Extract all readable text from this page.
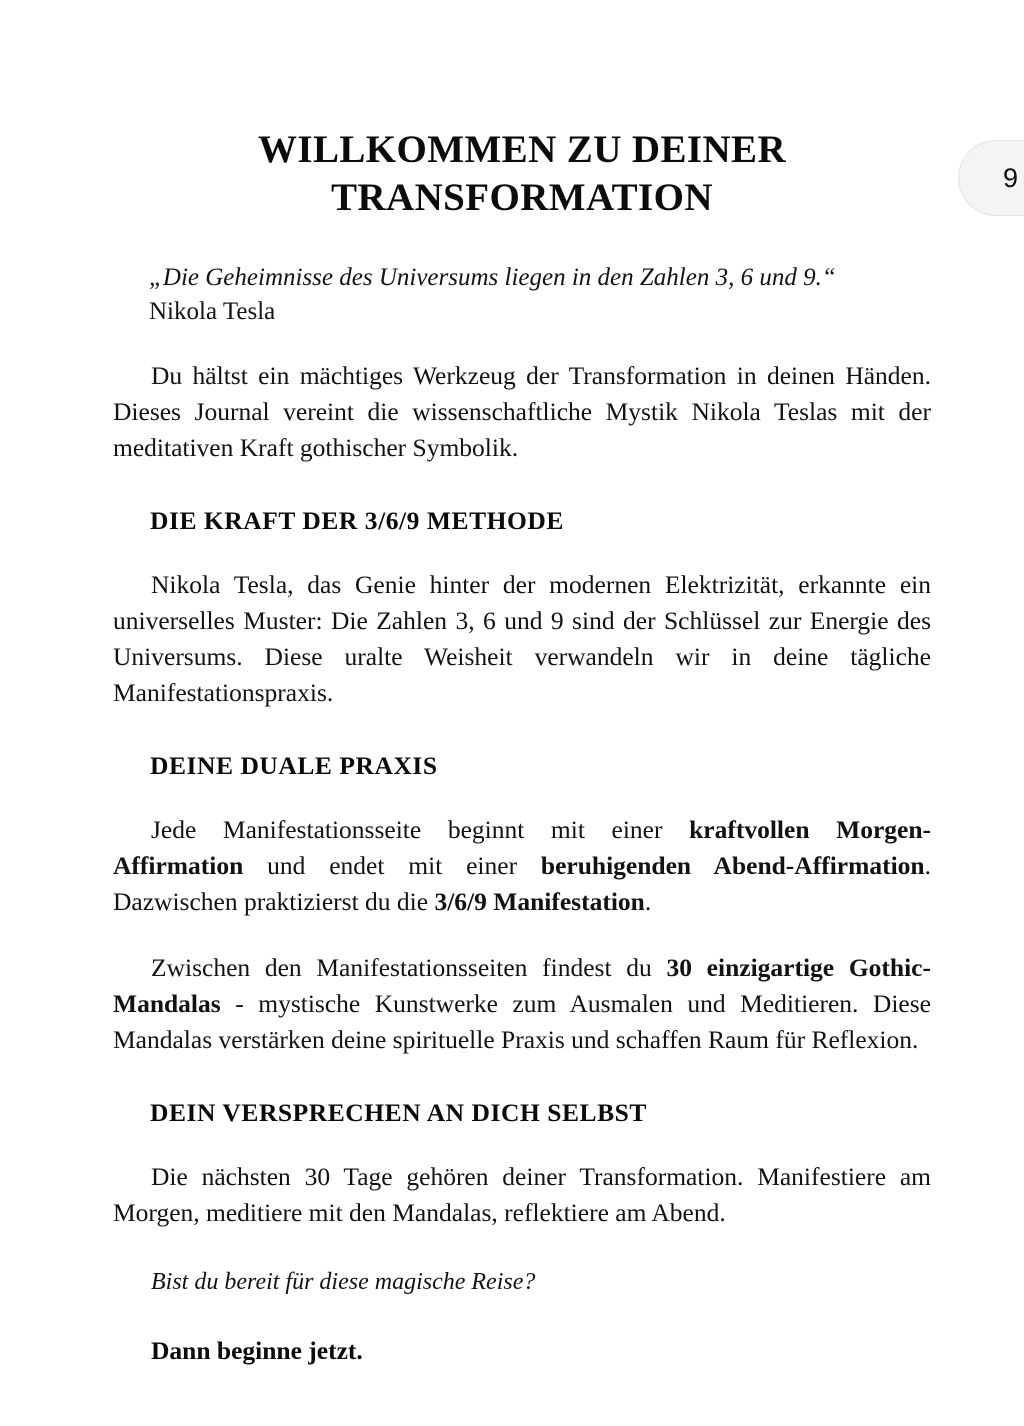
9
WILLKOMMEN ZU DEINER
TRANSFORMATION
„Die Geheimnisse des Universums liegen in den Zahlen 3, 6 und 9.“
Nikola Tesla

Du hältst ein mächtiges Werkzeug der Transformation in deinen Händen. Dieses Journal vereint die wissenschaftliche Mystik Nikola Teslas mit der meditativen Kraft gothischer Symbolik.

DIE KRAFT DER 3/6/9 METHODE

Nikola Tesla, das Genie hinter der modernen Elektrizität, erkannte ein universelles Muster: Die Zahlen 3, 6 und 9 sind der Schlüssel zur Energie des Universums. Diese uralte Weisheit verwandeln wir in deine tägliche Manifestationspraxis.

DEINE DUALE PRAXIS

Jede Manifestationsseite beginnt mit einer kraftvollen Morgen-Affirmation und endet mit einer beruhigenden Abend-Affirmation. Dazwischen praktizierst du die 3/6/9 Manifestation.

Zwischen den Manifestationsseiten findest du 30 einzigartige Gothic-Mandalas - mystische Kunstwerke zum Ausmalen und Meditieren. Diese Mandalas verstärken deine spirituelle Praxis und schaffen Raum für Reflexion.

DEIN VERSPRECHEN AN DICH SELBST

Die nächsten 30 Tage gehören deiner Transformation. Manifestiere am Morgen, meditiere mit den Mandalas, reflektiere am Abend.

Bist du bereit für diese magische Reise?

Dann beginne jetzt.
